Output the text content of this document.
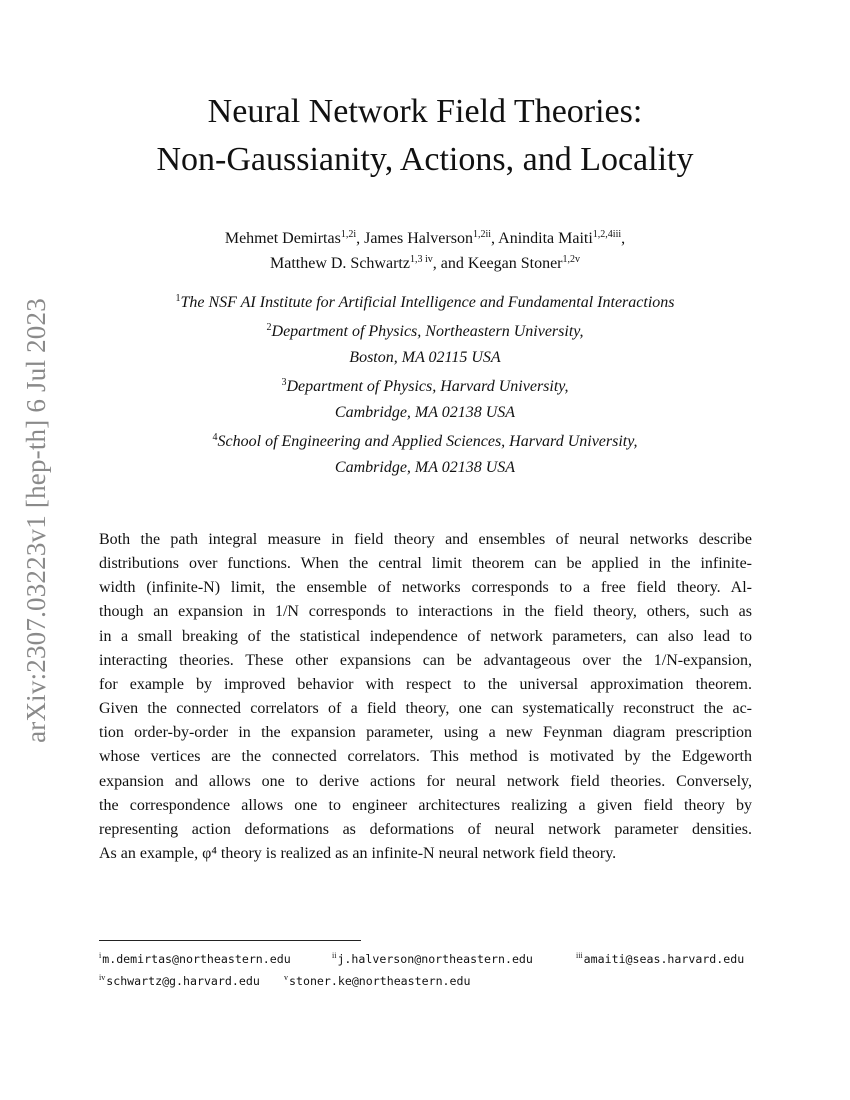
arXiv:2307.03223v1 [hep-th] 6 Jul 2023
Neural Network Field Theories:
Non-Gaussianity, Actions, and Locality
Mehmet Demirtas$^{1,2i}$, James Halverson$^{1,2ii}$, Anindita Maiti$^{1,2,4iii}$,
Matthew D. Schwartz$^{1,3 iv}$, and Keegan Stoner$^{1,2v}$
$^1$The NSF AI Institute for Artificial Intelligence and Fundamental Interactions
$^2$Department of Physics, Northeastern University,
Boston, MA 02115 USA
$^3$Department of Physics, Harvard University,
Cambridge, MA 02138 USA
$^4$School of Engineering and Applied Sciences, Harvard University,
Cambridge, MA 02138 USA
Both the path integral measure in field theory and ensembles of neural networks describe
distributions over functions. When the central limit theorem can be applied in the infinite-
width (infinite-N) limit, the ensemble of networks corresponds to a free field theory. Al-
though an expansion in 1/N corresponds to interactions in the field theory, others, such as
in a small breaking of the statistical independence of network parameters, can also lead to
interacting theories. These other expansions can be advantageous over the 1/N-expansion,
for example by improved behavior with respect to the universal approximation theorem.
Given the connected correlators of a field theory, one can systematically reconstruct the ac-
tion order-by-order in the expansion parameter, using a new Feynman diagram prescription
whose vertices are the connected correlators. This method is motivated by the Edgeworth
expansion and allows one to derive actions for neural network field theories. Conversely,
the correspondence allows one to engineer architectures realizing a given field theory by
representing action deformations as deformations of neural network parameter densities.
As an example, φ⁴ theory is realized as an infinite-N neural network field theory.
$^i$m.demirtas@northeastern.edu	$^{ii}$j.halverson@northeastern.edu	$^{iii}$amaiti@seas.harvard.edu
$^{iv}$schwartz@g.harvard.edu	$^v$stoner.ke@northeastern.edu
